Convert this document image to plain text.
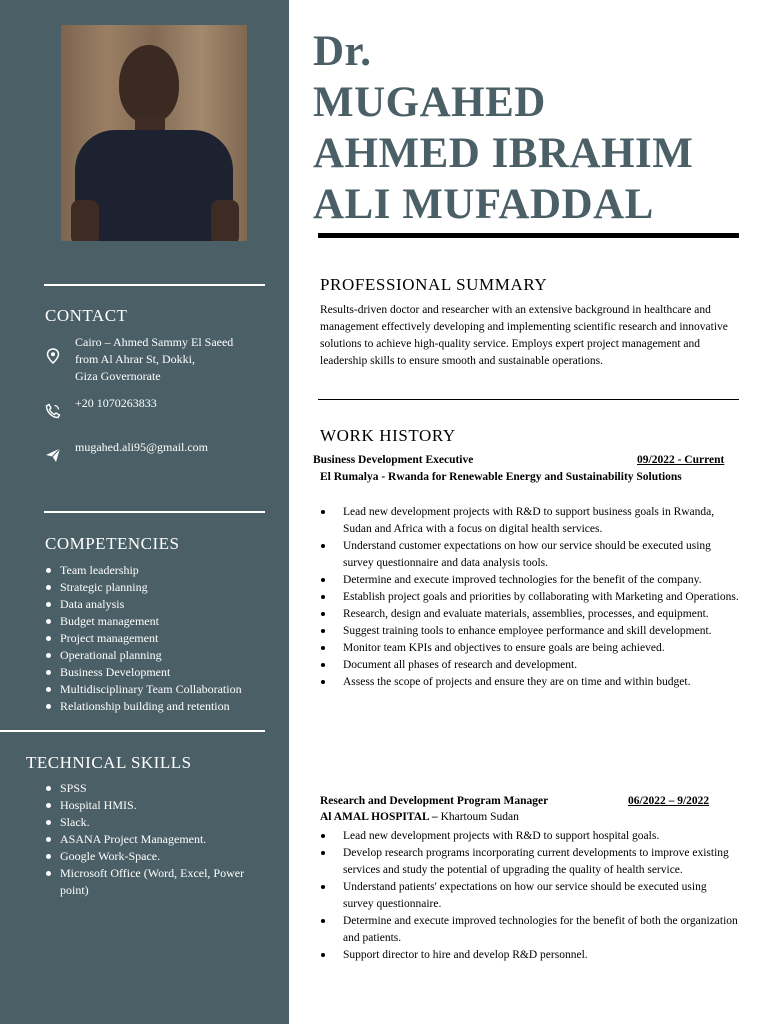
CONTACT
Cairo – Ahmed Sammy El Saeed
from Al Ahrar St, Dokki,
Giza Governorate
+20 1070263833
mugahed.ali95@gmail.com
COMPETENCIES
Team leadership
Strategic planning
Data analysis
Budget management
Project management
Operational planning
Business Development
Multidisciplinary Team Collaboration
Relationship building and retention
TECHNICAL SKILLS
SPSS
Hospital HMIS.
Slack.
ASANA Project Management.
Google Work-Space.
Microsoft Office (Word, Excel, Power point)
Dr.
MUGAHED
AHMED IBRAHIM
ALI MUFADDAL
PROFESSIONAL SUMMARY

Results-driven doctor and researcher with an extensive background in healthcare and management effectively developing and implementing scientific research and innovative solutions to achieve high-quality service. Employs expert project management and leadership skills to ensure smooth and sustainable operations.

WORK HISTORY
Business Development Executive	09/2022 - Current
El Rumalya - Rwanda for Renewable Energy and Sustainability Solutions
Lead new development projects with R&D to support business goals in Rwanda, Sudan and Africa with a focus on digital health services.
Understand customer expectations on how our service should be executed using survey questionnaire and data analysis tools.
Determine and execute improved technologies for the benefit of the company.
Establish project goals and priorities by collaborating with Marketing and Operations.
Research, design and evaluate materials, assemblies, processes, and equipment.
Suggest training tools to enhance employee performance and skill development.
Monitor team KPIs and objectives to ensure goals are being achieved.
Document all phases of research and development.
Assess the scope of projects and ensure they are on time and within budget.
Research and Development Program Manager	06/2022 – 9/2022
Al AMAL HOSPITAL – Khartoum Sudan
Lead new development projects with R&D to support hospital goals.
Develop research programs incorporating current developments to improve existing services and study the potential of upgrading the quality of health service.
Understand patients' expectations on how our service should be executed using survey questionnaire.
Determine and execute improved technologies for the benefit of both the organization and patients.
Support director to hire and develop R&D personnel.
